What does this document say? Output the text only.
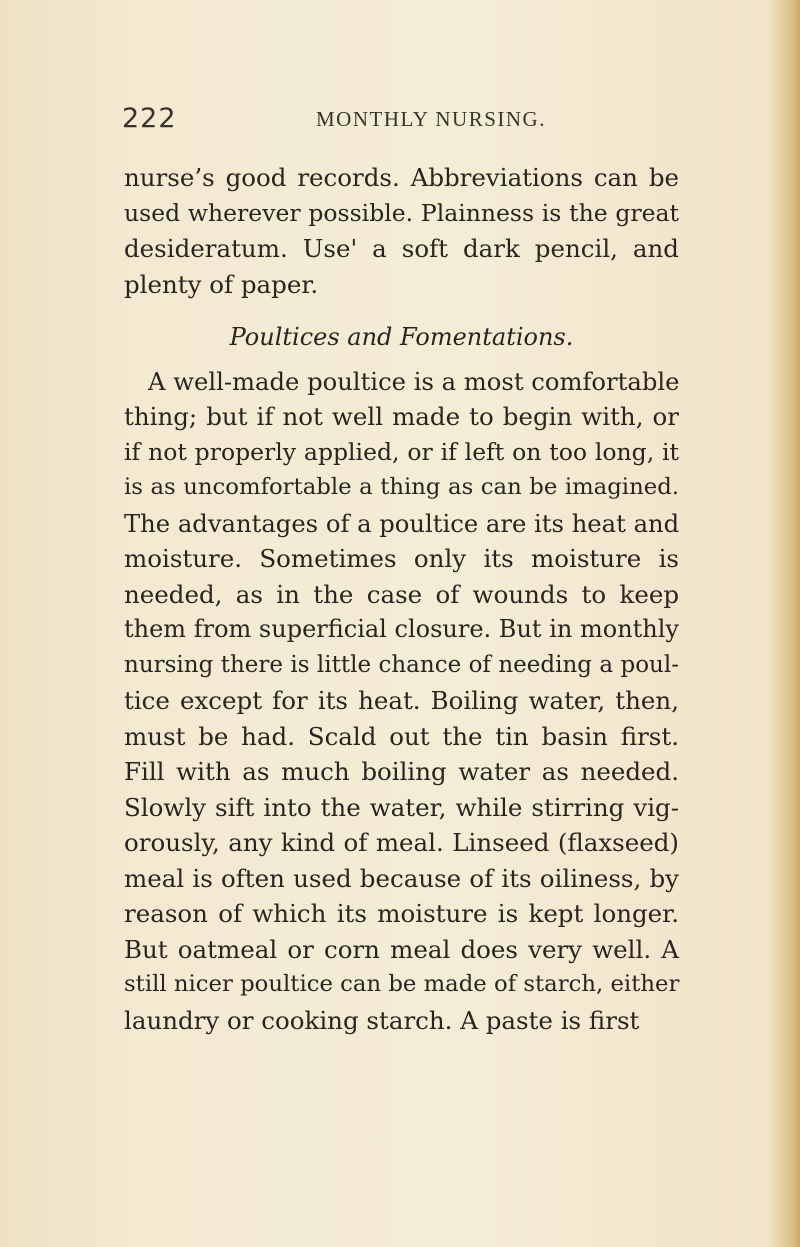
222	MONTHLY NURSING.
nurse’s good records. Abbreviations can be
used wherever possible. Plainness is the great
desideratum. Use' a soft dark pencil, and
plenty of paper.
Poultices and Fomentations.
A well-made poultice is a most comfortable
thing; but if not well made to begin with, or
if not properly applied, or if left on too long, it
is as uncomfortable a thing as can be imagined.
The advantages of a poultice are its heat and
moisture. Sometimes only its moisture is
needed, as in the case of wounds to keep
them from superficial closure. But in monthly
nursing there is little chance of needing a poul-
tice except for its heat. Boiling water, then,
must be had. Scald out the tin basin first.
Fill with as much boiling water as needed.
Slowly sift into the water, while stirring vig-
orously, any kind of meal. Linseed (flaxseed)
meal is often used because of its oiliness, by
reason of which its moisture is kept longer.
But oatmeal or corn meal does very well. A
still nicer poultice can be made of starch, either
laundry or cooking starch. A paste is first
